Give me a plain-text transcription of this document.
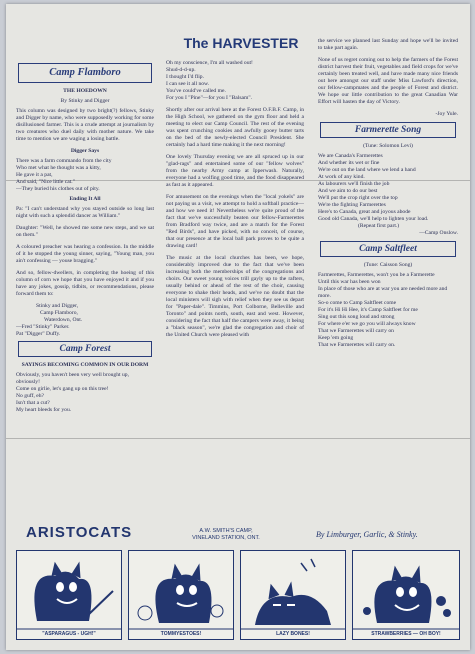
The HARVESTER
Camp Flamboro
THE HOEDOWN
By Stinky and Digger

This column was designed by two bright(?) fellows, Stinky and Digger by name, who were supposedly working for some disillusioned farmer. This is a crude attempt at journalism by two creatures who duel daily with mother nature. We take time to mention we are waging a losing battle.

Digger Says

There was a farm commando from the city

Who met what he thought was a kitty,

He gave it a pat,

And said, "Nice little cat."

—They buried his clothes out of pity.

Ending It All

Pa: "I can't understand why you stayed outside so long last night with such a splendid dancer as William."

Daughter: "Well, he showed me some new steps, and we sat on them."

A coloured preacher was hearing a confession. In the middle of it he stopped the young sinner, saying, "Young man, you ain't confessing — youse bragging."

And so, fellow-dwellers, in completing the hoeing of this column of corn we hope that you have enjoyed it and if you have any jokes, gossip, tidbits, or recommendations, please forward them to:

Stinky and Digger,

Camp Flamboro,

Waterdown, Ont.

—Fred "Stinky" Parker.

Pat "Digger" Duffy.

Camp Forest
SAYINGS BECOMING COMMON IN OUR DORM

Obviously, you haven't been very well brought up, obviously!

Come on girlie, let's gang up on this tree!

No guff, eh?

Isn't that a cut?

My heart bleeds for you.

Oh my conscience, I'm all washed out!

Shud-d-d-up.

I thought I'd flip.

I can see it all now.

You've could've called me.

For you I "Pine"—for you I "Balsam".

Shortly after our arrival here at the Forest O.F.B.F. Camp, in the High School, we gathered on the gym floor and held a meeting to elect our Camp Council. The rest of the evening was spent crunching cookies and awfully gooey butter tarts on the bed of the newly-elected Council President. She certainly had a hard time making it the next morning!

One lovely Thursday evening we are all spruced up in our "glad-rags" and entertained some of our "fellow wolves" from the nearby Army camp at Ipperwash. Naturally, everyone had a wolfing good time, and the food disappeared as fast as it appeared.

For amusement on the evenings when the "local yokels" are not paying us a visit, we attempt to hold a softball practice—and how we need it! Nevertheless we're quite proud of the fact that we've successfully beaten our fellow-Farmerettes from Bradford way twice, and are a match for the Forest "Red Birds", and have picked, with no conceit, of course, that our presence at the local ball park proves to be quite a drawing card!

The music at the local churches has been, we hope, considerably improved due to the fact that we've been increasing both the memberships of the congregations and choirs. Our sweet young voices trill gayly up to the rafters, usually behind or ahead of the rest of the choir, causing everyone to shake their heads, and we've no doubt that the local ministers will sigh with relief when they see us depart for "Paper-dale". Timmins, Port Colborne, Belleville and Toronto" and points north, south, east and west. However, considering the fact that half the campers were away, it being a "black season", we're glad the congregation and choir of the United Church were pleased with

the service we planned last Sunday and hope we'll be invited to take part again.

None of us regret coming out to help the farmers of the Forest district harvest their fruit, vegetables and field crops for we've certainly been treated well, and have made many nice friends out here amongst our staff under Miss Lawford's direction, our fellow-campmates and the people of Forest and district. We hope our little contribution to the great Canadian War Effort will hasten the day of Victory.

-Joy Yule.

Farmerette Song
(Tune: Solomon Levi)

We are Canada's Farmerettes

And whether its wet or fine

We're out on the land where we lend a hand

At work of any kind.

As labourers we'll finish the job

And we aim to do our best

We'll put the crop right over the top

We're the fighting Farmerettes

Here's to Canada, great and joyous abode

Good old Canada, we'll help to lighten your load.

(Repeat first part.)

—Camp Onslow.

Camp Saltfleet
(Tune: Caisson Song)

Farmerettes, Farmerettes, won't you be a Farmerette

Until this war has been won

In place of those who are at war you are needed more and more.

So-o come to Camp Saltfleet come

For it's Hi Hi Hee, it's Camp Saltfleet for me

Sing out this song loud and strong

For where e'er we go you will always know

That we Farmerettes will carry on

Keep 'em going

That we Farmerettes will carry on.

ARISTOCATS	A.W. SMITH'S CAMP,
VINELAND STATION, ONT.	By Limburger, Garlic, & Stinky.
"ASPARAGUS - UGH!"	TOMMYESTOES!	LAZY BONES!	STRAWBERRIES — OH BOY!
